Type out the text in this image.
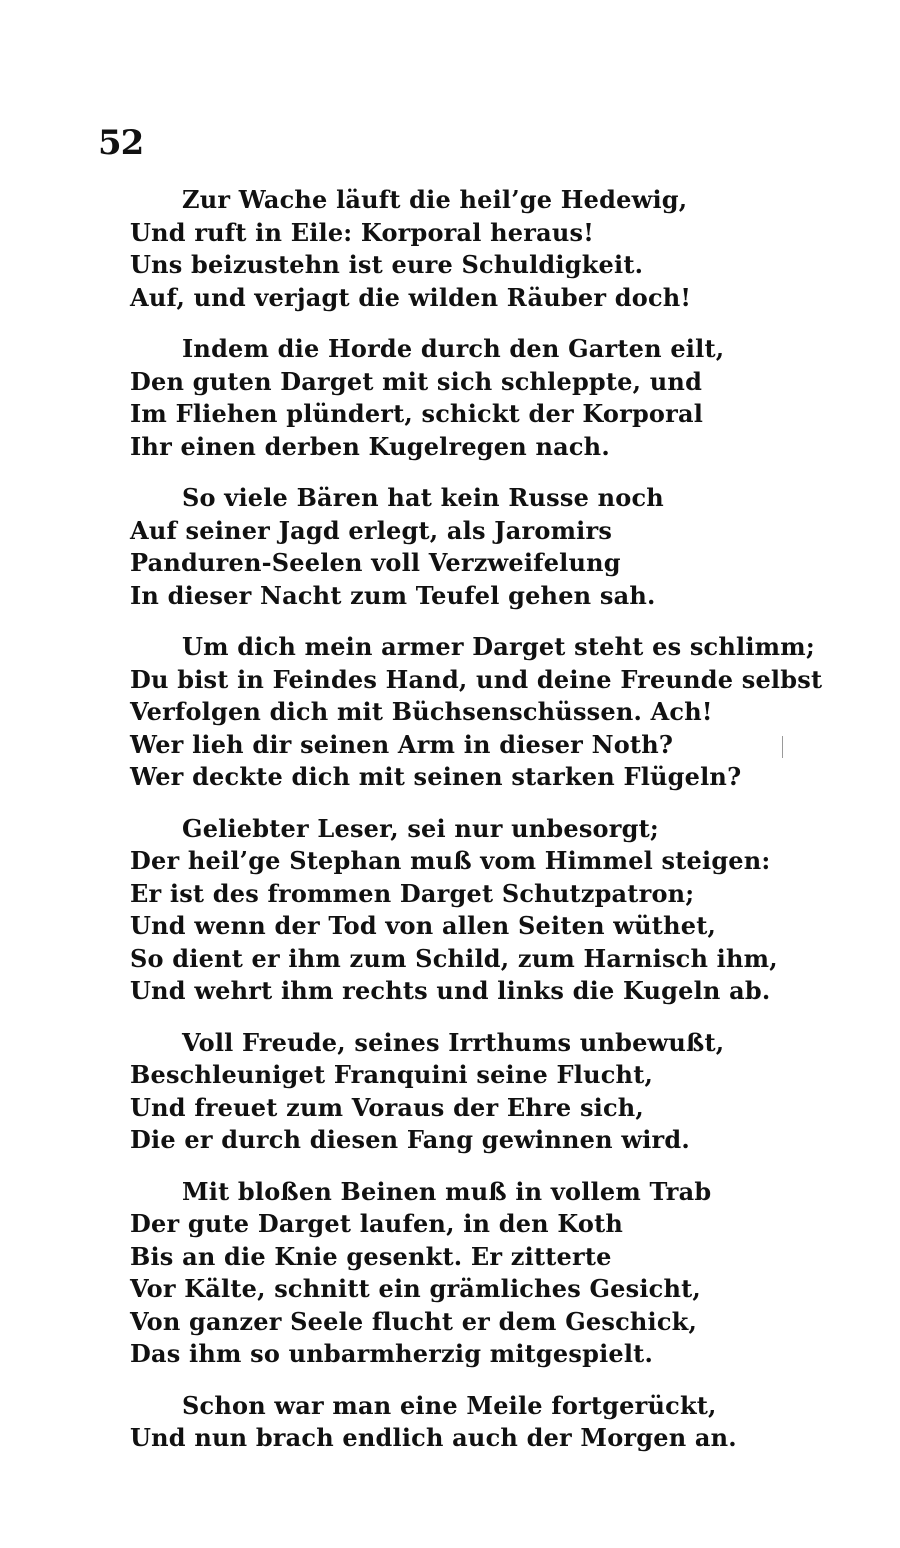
52
Zur Wache läuft die heil’ge Hedewig,
Und ruft in Eile: Korporal heraus!
Uns beizustehn ist eure Schuldigkeit.
Auf, und verjagt die wilden Räuber doch!
Indem die Horde durch den Garten eilt,
Den guten Darget mit sich schleppte, und
Im Fliehen plündert, schickt der Korporal
Ihr einen derben Kugelregen nach.
So viele Bären hat kein Russe noch
Auf seiner Jagd erlegt, als Jaromirs
Panduren-Seelen voll Verzweifelung
In dieser Nacht zum Teufel gehen sah.
Um dich mein armer Darget steht es schlimm;
Du bist in Feindes Hand, und deine Freunde selbst
Verfolgen dich mit Büchsenschüssen. Ach!
Wer lieh dir seinen Arm in dieser Noth?
Wer deckte dich mit seinen starken Flügeln?
Geliebter Leser, sei nur unbesorgt;
Der heil’ge Stephan muß vom Himmel steigen:
Er ist des frommen Darget Schutzpatron;
Und wenn der Tod von allen Seiten wüthet,
So dient er ihm zum Schild, zum Harnisch ihm,
Und wehrt ihm rechts und links die Kugeln ab.
Voll Freude, seines Irrthums unbewußt,
Beschleuniget Franquini seine Flucht,
Und freuet zum Voraus der Ehre sich,
Die er durch diesen Fang gewinnen wird.
Mit bloßen Beinen muß in vollem Trab
Der gute Darget laufen, in den Koth
Bis an die Knie gesenkt. Er zitterte
Vor Kälte, schnitt ein grämliches Gesicht,
Von ganzer Seele flucht er dem Geschick,
Das ihm so unbarmherzig mitgespielt.
Schon war man eine Meile fortgerückt,
Und nun brach endlich auch der Morgen an.
